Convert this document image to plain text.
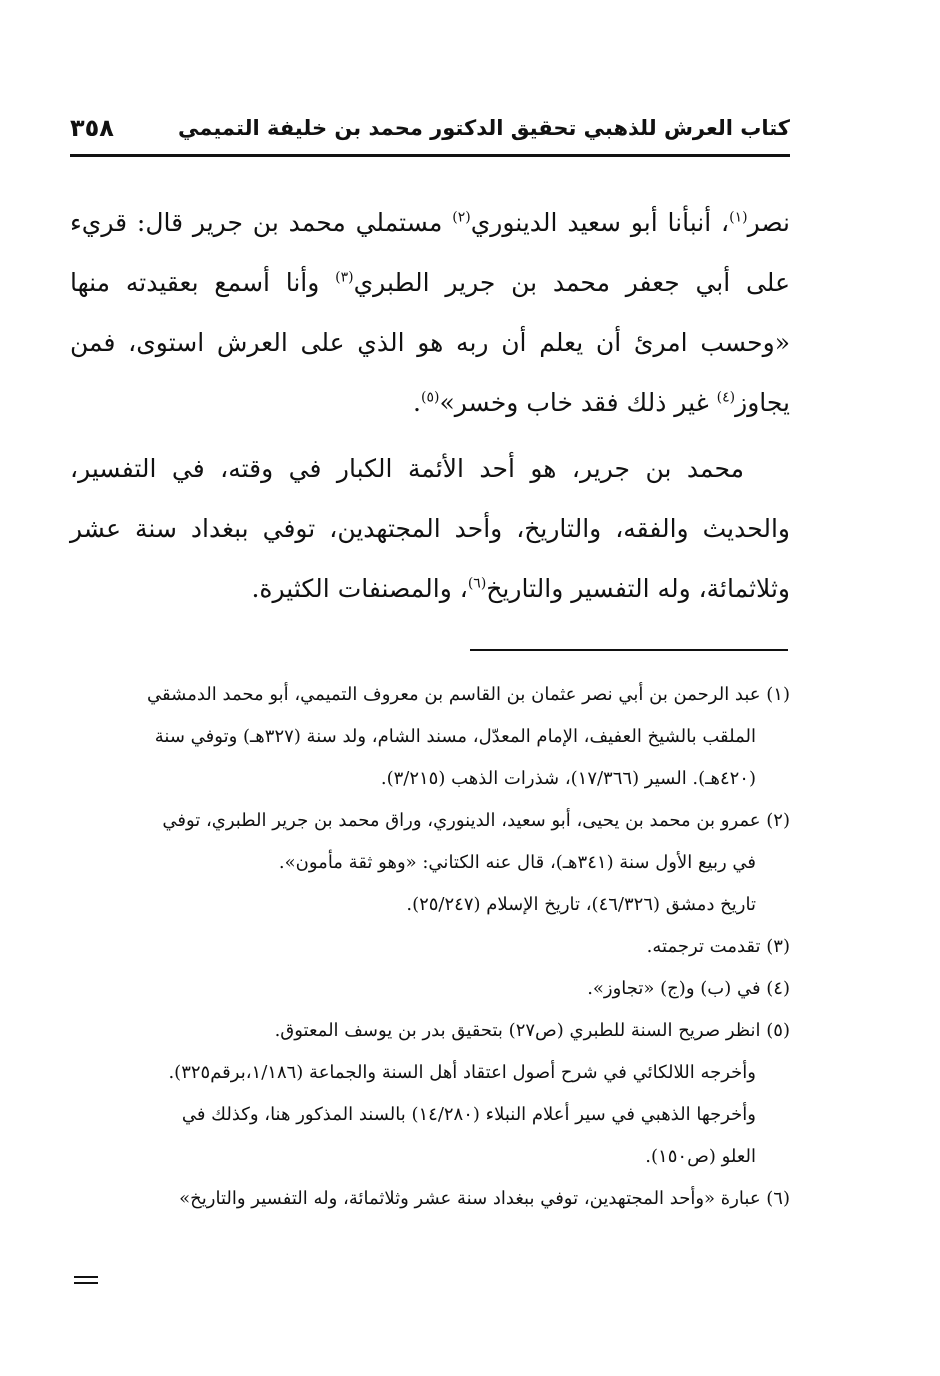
كتاب العرش للذهبي تحقيق الدكتور محمد بن خليفة التميمي
٣٥٨

نصر$^{(١)}$، أنبأنا أبو سعيد الدينوري$^{(٢)}$ مستملي محمد بن جرير قال: قريء على أبي جعفر محمد بن جرير الطبري$^{(٣)}$ وأنا أسمع بعقيدته منها «وحسب امرئ أن يعلم أن ربه هو الذي على العرش استوى، فمن يجاوز$^{(٤)}$ غير ذلك فقد خاب وخسر»$^{(٥)}$.

محمد بن جرير، هو أحد الأئمة الكبار في وقته، في التفسير، والحديث والفقه، والتاريخ، وأحد المجتهدين، توفي ببغداد سنة عشر وثلاثمائة، وله التفسير والتاريخ$^{(٦)}$، والمصنفات الكثيرة.

(١) عبد الرحمن بن أبي نصر عثمان بن القاسم بن معروف التميمي، أبو محمد الدمشقي

الملقب بالشيخ العفيف، الإمام المعدّل، مسند الشام، ولد سنة (٣٢٧هـ) وتوفي سنة

(٤٢٠هـ). السير (١٧/٣٦٦)، شذرات الذهب (٣/٢١٥).

(٢) عمرو بن محمد بن يحيى، أبو سعيد، الدينوري، وراق محمد بن جرير الطبري، توفي

في ربيع الأول سنة (٣٤١هـ)، قال عنه الكتاني: «وهو ثقة مأمون».

تاريخ دمشق (٤٦/٣٢٦)، تاريخ الإسلام (٢٥/٢٤٧).

(٣) تقدمت ترجمته.

(٤) في (ب) و(ج) «تجاوز».

(٥) انظر صريح السنة للطبري (ص٢٧) بتحقيق بدر بن يوسف المعتوق.

وأخرجه اللالكائي في شرح أصول اعتقاد أهل السنة والجماعة (١/١٨٦،برقم٣٢٥).

وأخرجها الذهبي في سير أعلام النبلاء (١٤/٢٨٠) بالسند المذكور هنا، وكذلك في

العلو (ص١٥٠).

(٦) عبارة «وأحد المجتهدين، توفي ببغداد سنة عشر وثلاثمائة، وله التفسير والتاريخ»
